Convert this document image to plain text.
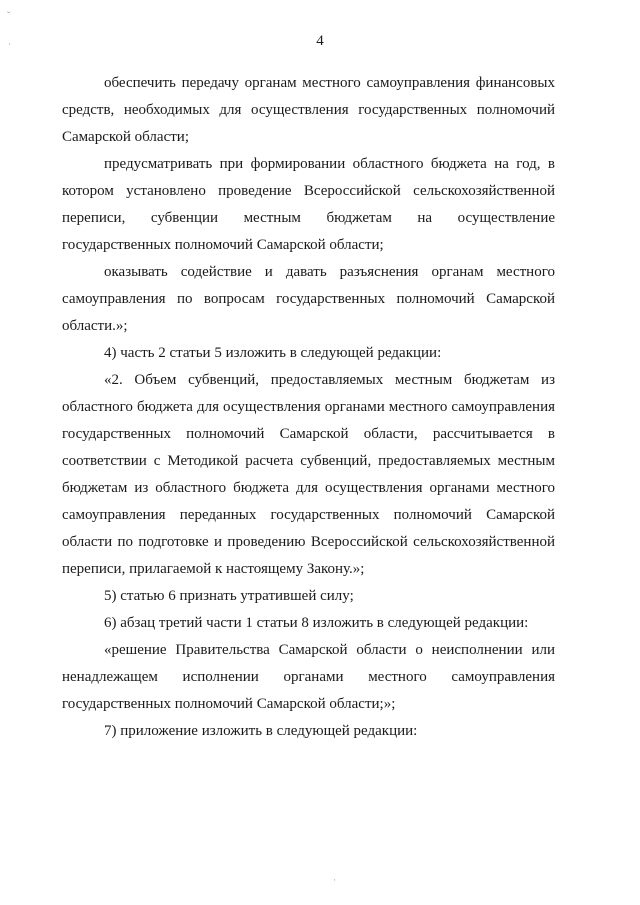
ˇ
·
·
4

обеспечить передачу органам местного самоуправления финансовых средств, необходимых для осуществления государственных полномочий Самарской области;

предусматривать при формировании областного бюджета на год, в котором установлено проведение Всероссийской сельскохозяйственной переписи, субвенции местным бюджетам на осуществление государственных полномочий Самарской области;

оказывать содействие и давать разъяснения органам местного самоуправления по вопросам государственных полномочий Самарской области.»;

4) часть 2 статьи 5 изложить в следующей редакции:

«2. Объем субвенций, предоставляемых местным бюджетам из областного бюджета для осуществления органами местного самоуправления государственных полномочий Самарской области, рассчитывается в соответствии с Методикой расчета субвенций, предоставляемых местным бюджетам из областного бюджета для осуществления органами местного самоуправления переданных государственных полномочий Самарской области по подготовке и проведению Всероссийской сельскохозяйственной переписи, прилагаемой к настоящему Закону.»;

5) статью 6 признать утратившей силу;

6) абзац третий части 1 статьи 8 изложить в следующей редакции:

«решение Правительства Самарской области о неисполнении или ненадлежащем исполнении органами местного самоуправления государственных полномочий Самарской области;»;

7) приложение изложить в следующей редакции:
